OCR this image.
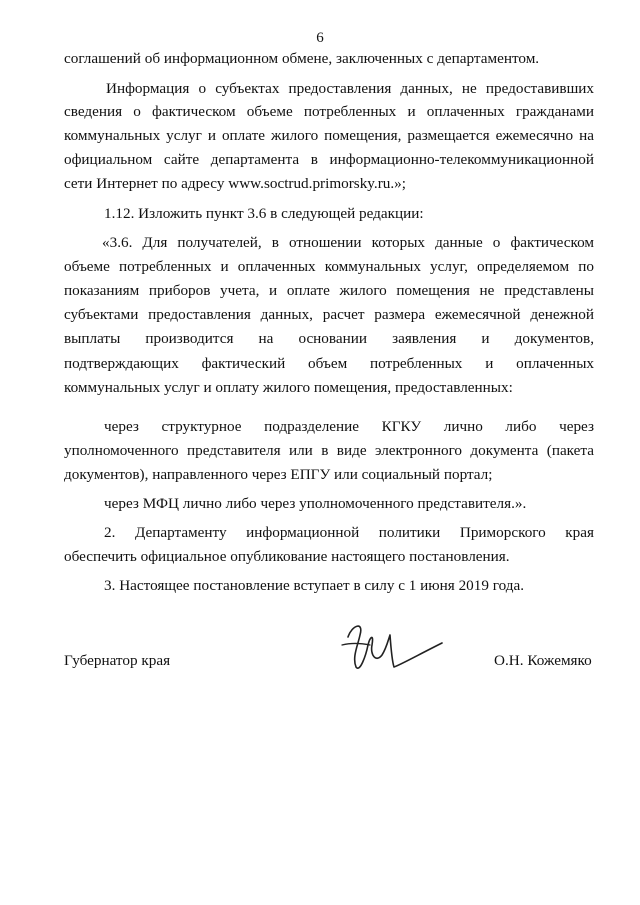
6
соглашений об информационном обмене, заключенных с департаментом.
Информация о субъектах предоставления данных, не предоставивших
сведения о фактическом объеме потребленных и оплаченных гражданами
коммунальных услуг и оплате жилого помещения, размещается ежемесячно на
официальном сайте департамента в информационно-телекоммуникационной
сети Интернет по адресу www.soctrud.primorsky.ru.»;
1.12. Изложить пункт 3.6 в следующей редакции:
«3.6. Для получателей, в отношении которых данные о фактическом
объеме потребленных и оплаченных коммунальных услуг, определяемом по
показаниям приборов учета, и оплате жилого помещения не представлены
субъектами предоставления данных, расчет размера ежемесячной денежной
выплаты производится на основании заявления и документов,
подтверждающих фактический объем потребленных и оплаченных
коммунальных услуг и оплату жилого помещения, предоставленных:
через структурное подразделение КГКУ лично либо через
уполномоченного представителя или в виде электронного документа (пакета
документов), направленного через ЕПГУ или социальный портал;
через МФЦ лично либо через уполномоченного представителя.».
2. Департаменту информационной политики Приморского края
обеспечить официальное опубликование настоящего постановления.
3. Настоящее постановление вступает в силу с 1 июня 2019 года.
Губернатор края	О.Н. Кожемяко
